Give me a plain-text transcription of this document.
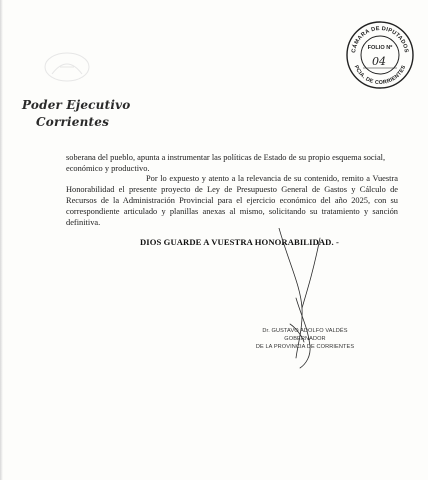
CÁMARA DE DIPUTADOS
PCIA. DE CORRIENTES
FOLIO Nº
04
Poder Ejecutivo
Corrientes
soberana del pueblo, apunta a instrumentar las políticas de Estado de su propio esquema social, económico y productivo.
Por lo expuesto y atento a la relevancia de su contenido, remito a Vuestra Honorabilidad el presente proyecto de Ley de Presupuesto General de Gastos y Cálculo de Recursos de la Administración Provincial para el ejercicio económico del año 2025, con su correspondiente articulado y planillas anexas al mismo, solicitando su tratamiento y sanción definitiva.
DIOS GUARDE A VUESTRA HONORABILIDAD. -
Dr. GUSTAVO ADOLFO VALDÉS
GOBERNADOR
DE LA PROVINCIA DE CORRIENTES
